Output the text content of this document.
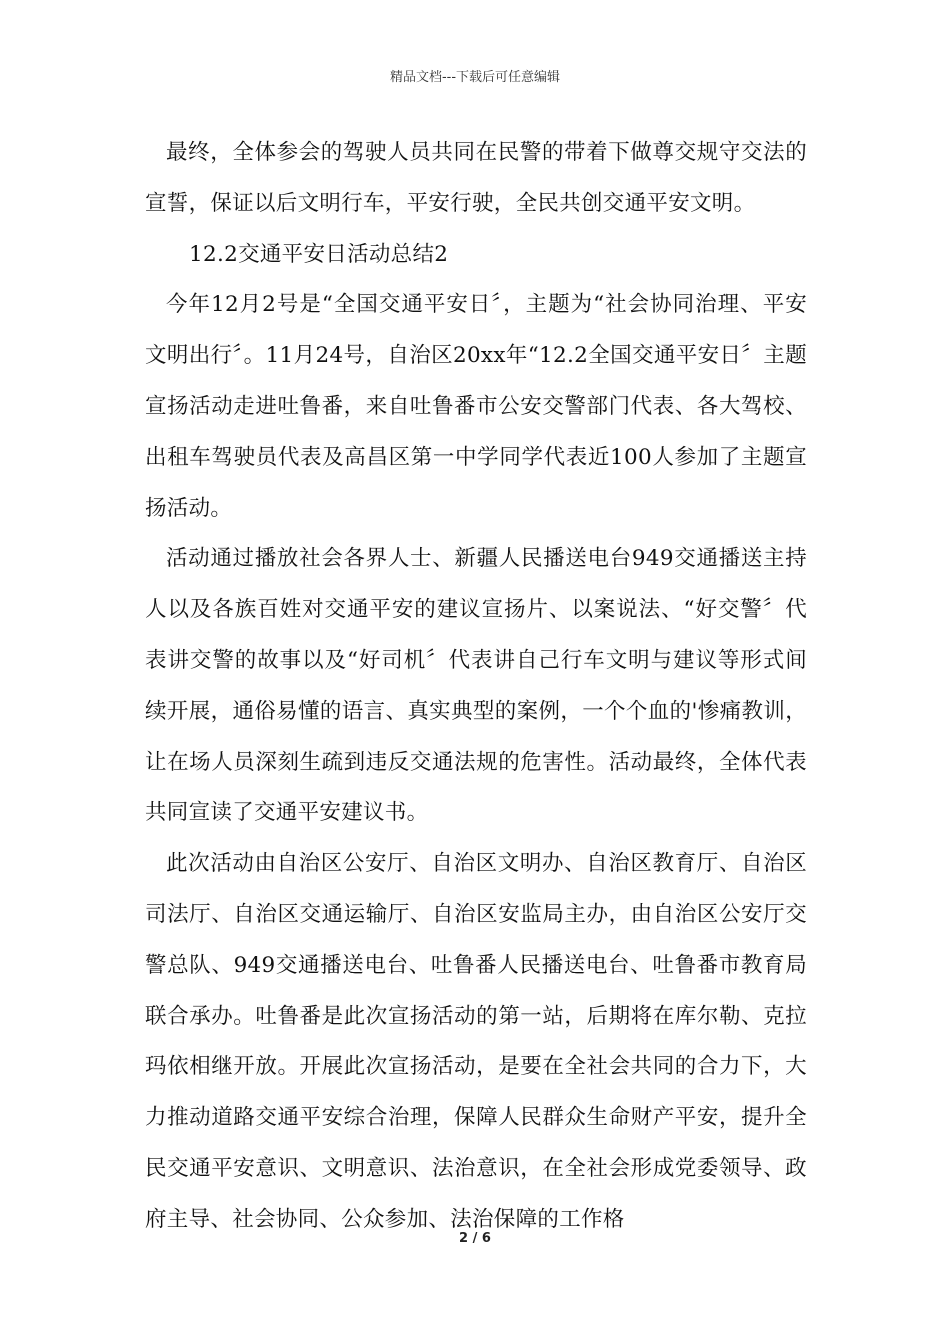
精品文档---下载后可任意编辑

最终，全体参会的驾驶人员共同在民警的带着下做尊交规守交法的宣誓，保证以后文明行车，平安行驶，全民共创交通平安文明。

12.2交通平安日活动总结2

今年12月2号是“全国交通平安日〞，主题为“社会协同治理、平安文明出行〞。11月24号，自治区20xx年“12.2全国交通平安日〞主题宣扬活动走进吐鲁番，来自吐鲁番市公安交警部门代表、各大驾校、出租车驾驶员代表及高昌区第一中学同学代表近100人参加了主题宣扬活动。

活动通过播放社会各界人士、新疆人民播送电台949交通播送主持人以及各族百姓对交通平安的建议宣扬片、以案说法、“好交警〞代表讲交警的故事以及“好司机〞代表讲自己行车文明与建议等形式间续开展，通俗易懂的语言、真实典型的案例，一个个血的'惨痛教训，让在场人员深刻生疏到违反交通法规的危害性。活动最终，全体代表共同宣读了交通平安建议书。

此次活动由自治区公安厅、自治区文明办、自治区教育厅、自治区司法厅、自治区交通运输厅、自治区安监局主办，由自治区公安厅交警总队、949交通播送电台、吐鲁番人民播送电台、吐鲁番市教育局联合承办。吐鲁番是此次宣扬活动的第一站，后期将在库尔勒、克拉玛依相继开放。开展此次宣扬活动，是要在全社会共同的合力下，大力推动道路交通平安综合治理，保障人民群众生命财产平安，提升全民交通平安意识、文明意识、法治意识，在全社会形成党委领导、政府主导、社会协同、公众参加、法治保障的工作格

2 / 6
